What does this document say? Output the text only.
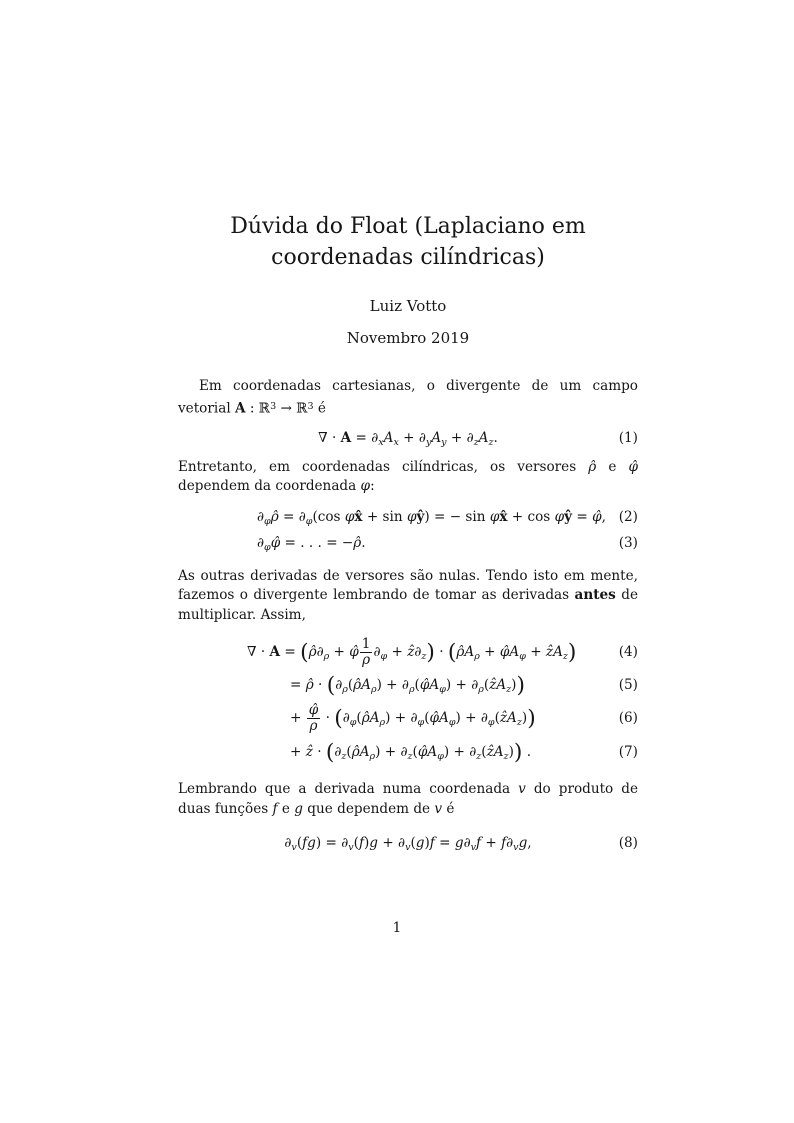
Dúvida do Float (Laplaciano em coordenadas cilíndricas)
Luiz Votto
Novembro 2019

Em coordenadas cartesianas, o divergente de um campo vetorial A : ℝ$^3$ → ℝ$^3$ é

∇ · $A = \partial_xA_x + \partial_yA_y + \partial_zA_z$.	(1)

Entretanto, em coordenadas cilíndricas, os versores ρ̂ e φ̂ dependem da coordenada φ:

$\partial_\varphi\rhô = \partial_\varphi(\cos$ φx̂ + sin φŷ) = − sin φx̂ + cos φŷ = φ̂, (2)
$\partial_\varphi\varphî$ = . . . = −ρ̂.	(3)

As outras derivadas de versores são nulas. Tendo isto em mente, fazemos o divergente lembrando de tomar as derivadas antes de multiplicar. Assim,

∇ · $A = (\rhô\partial_\rho$ + φ̂ $\frac{1}{\rho} \partial_\varphi$ + $ẑ\partial_z$) · ($\rhôA_\rho$ + $\varphîA_\varphi$ + ẑA$_z$)	(4)
= ρ̂ · ($\partial_\rho(\rhôA_\rho)$ + $\partial_\rho(\varphîA_\varphi)$ + $\partial_\rho(ẑA_z)$)	(5)
+ $\frac{\varphî}{\rho}$ · ($\partial_\varphi(\rhôA_\rho)$ + $\partial_\varphi(\varphîA_\varphi)$ + $\partial_\varphi(ẑA_z)$)	(6)
+ ẑ · ($\partial_z(\rhôA_\rho)$ + $\partial_z(\varphîA_\varphi)$ + $\partial_z(ẑA_z)$) .	(7)

Lembrando que a derivada numa coordenada v do produto de duas funções f e g que dependem de v é

$\partial_v(fg) = \partial_v(f)g + \partial_v(g)f = g\partial_vf + f\partial_vg$,	(8)
1
